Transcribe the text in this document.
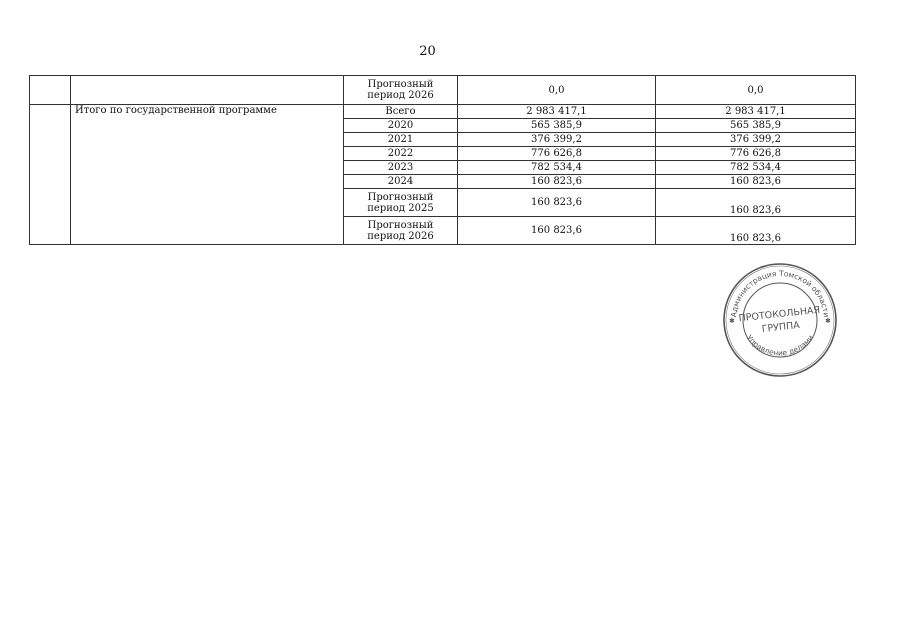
20
		Прогнозный период 2026	0,0	0,0
	Итого по государственной программе	Всего	2 983 417,1	2 983 417,1
		2020	565 385,9	565 385,9
		2021	376 399,2	376 399,2
		2022	776 626,8	776 626,8
		2023	782 534,4	782 534,4
		2024	160 823,6	160 823,6
		Прогнозный период 2025	160 823,6	160 823,6
		Прогнозный период 2026	160 823,6	160 823,6
Администрация Томской области
Управление делами
✱	✱
ПРОТОКОЛЬНАЯ
ГРУППА
